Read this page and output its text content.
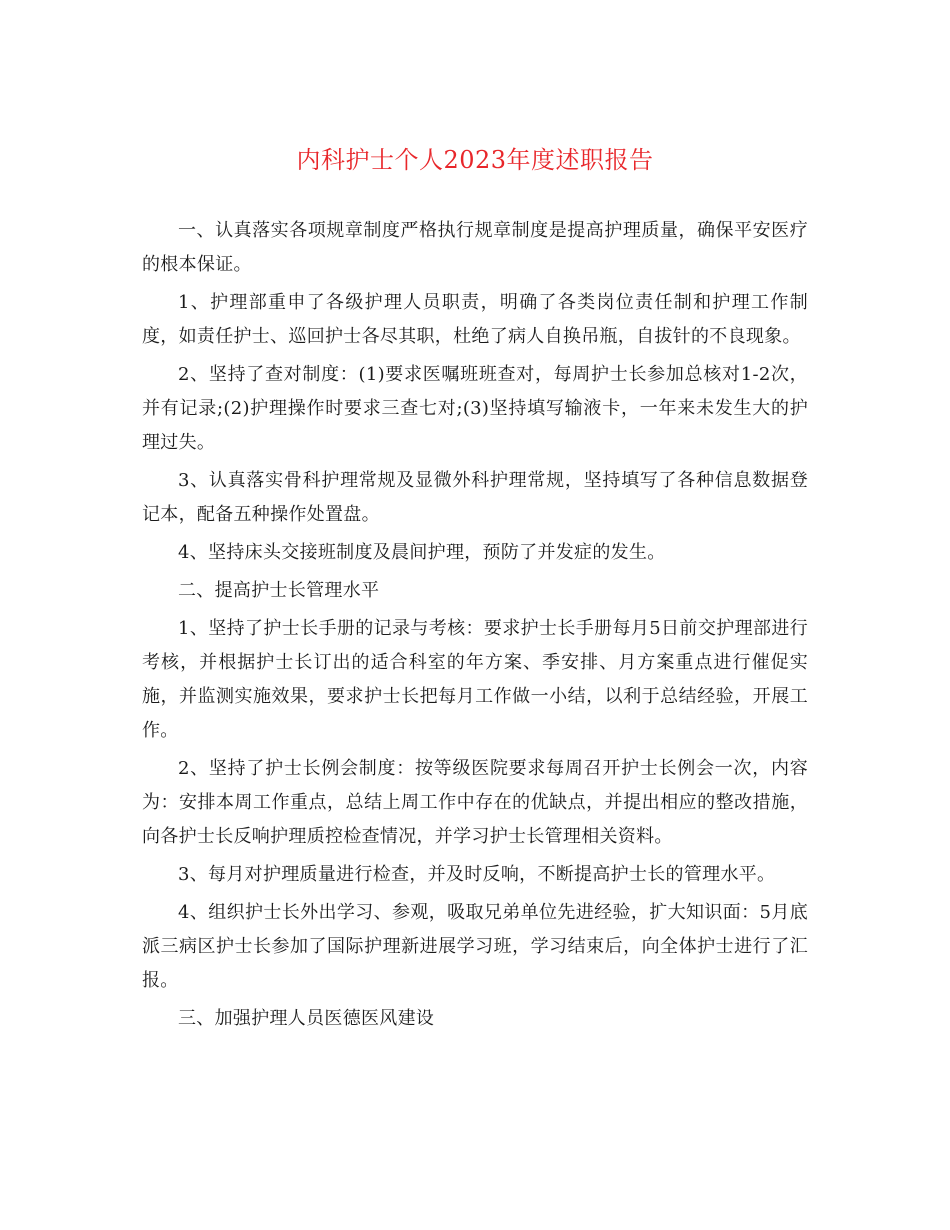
内科护士个人2023年度述职报告

一、认真落实各项规章制度严格执行规章制度是提高护理质量，确保平安医疗的根本保证。

1、护理部重申了各级护理人员职责，明确了各类岗位责任制和护理工作制度，如责任护士、巡回护士各尽其职，杜绝了病人自换吊瓶，自拔针的不良现象。

2、坚持了查对制度：(1)要求医嘱班班查对，每周护士长参加总核对1-2次，并有记录;(2)护理操作时要求三查七对;(3)坚持填写输液卡，一年来未发生大的护理过失。

3、认真落实骨科护理常规及显微外科护理常规，坚持填写了各种信息数据登记本，配备五种操作处置盘。

4、坚持床头交接班制度及晨间护理，预防了并发症的发生。

二、提高护士长管理水平

1、坚持了护士长手册的记录与考核：要求护士长手册每月5日前交护理部进行考核，并根据护士长订出的适合科室的年方案、季安排、月方案重点进行催促实施，并监测实施效果，要求护士长把每月工作做一小结，以利于总结经验，开展工作。

2、坚持了护士长例会制度：按等级医院要求每周召开护士长例会一次，内容为：安排本周工作重点，总结上周工作中存在的优缺点，并提出相应的整改措施，向各护士长反响护理质控检查情况，并学习护士长管理相关资料。

3、每月对护理质量进行检查，并及时反响，不断提高护士长的管理水平。

4、组织护士长外出学习、参观，吸取兄弟单位先进经验，扩大知识面：5月底派三病区护士长参加了国际护理新进展学习班，学习结束后，向全体护士进行了汇报。

三、加强护理人员医德医风建设
